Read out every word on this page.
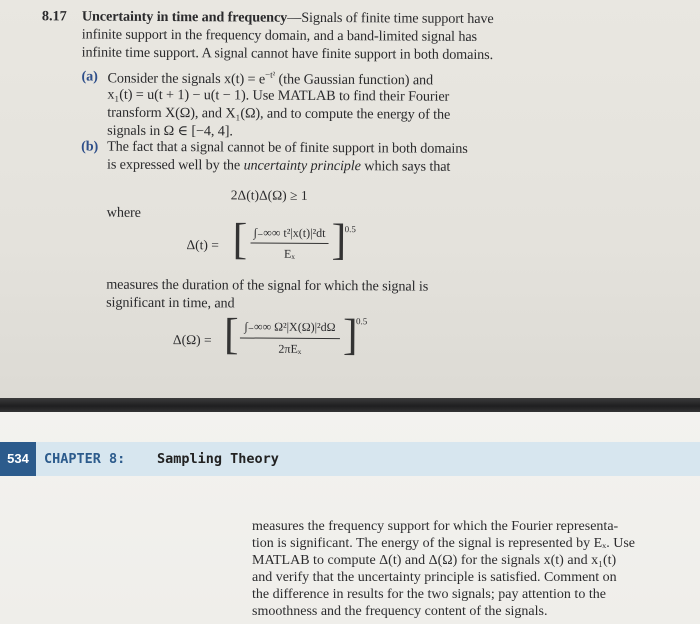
8.17 Uncertainty in time and frequency—Signals of finite time support have
infinite support in the frequency domain, and a band-limited signal has
infinite time support. A signal cannot have finite support in both domains.
(a) Consider the signals $x(t) = e^{-t^2}$ (the Gaussian function) and
x₁(t) = u(t + 1) − u(t − 1). Use MATLAB to find their Fourier
transform X(Ω), and X₁(Ω), and to compute the energy of the
signals in Ω ∈ [−4, 4].
(b) The fact that a signal cannot be of finite support in both domains
is expressed well by the uncertainty principle which says that
2Δ(t)Δ(Ω) ≥ 1
where
Δ(t) = [ ∫₋∞∞ t²|x(t)|²dt
Eₓ ]
0.5
measures the duration of the signal for which the signal is
significant in time, and
Δ(Ω) = [ ∫₋∞∞ Ω²|X(Ω)|²dΩ
2πEₓ ]
0.5
534	CHAPTER 8: Sampling Theory
measures the frequency support for which the Fourier representa-
tion is significant. The energy of the signal is represented by Eₓ. Use
MATLAB to compute Δ(t) and Δ(Ω) for the signals x(t) and x₁(t)
and verify that the uncertainty principle is satisfied. Comment on
the difference in results for the two signals; pay attention to the
smoothness and the frequency content of the signals.
